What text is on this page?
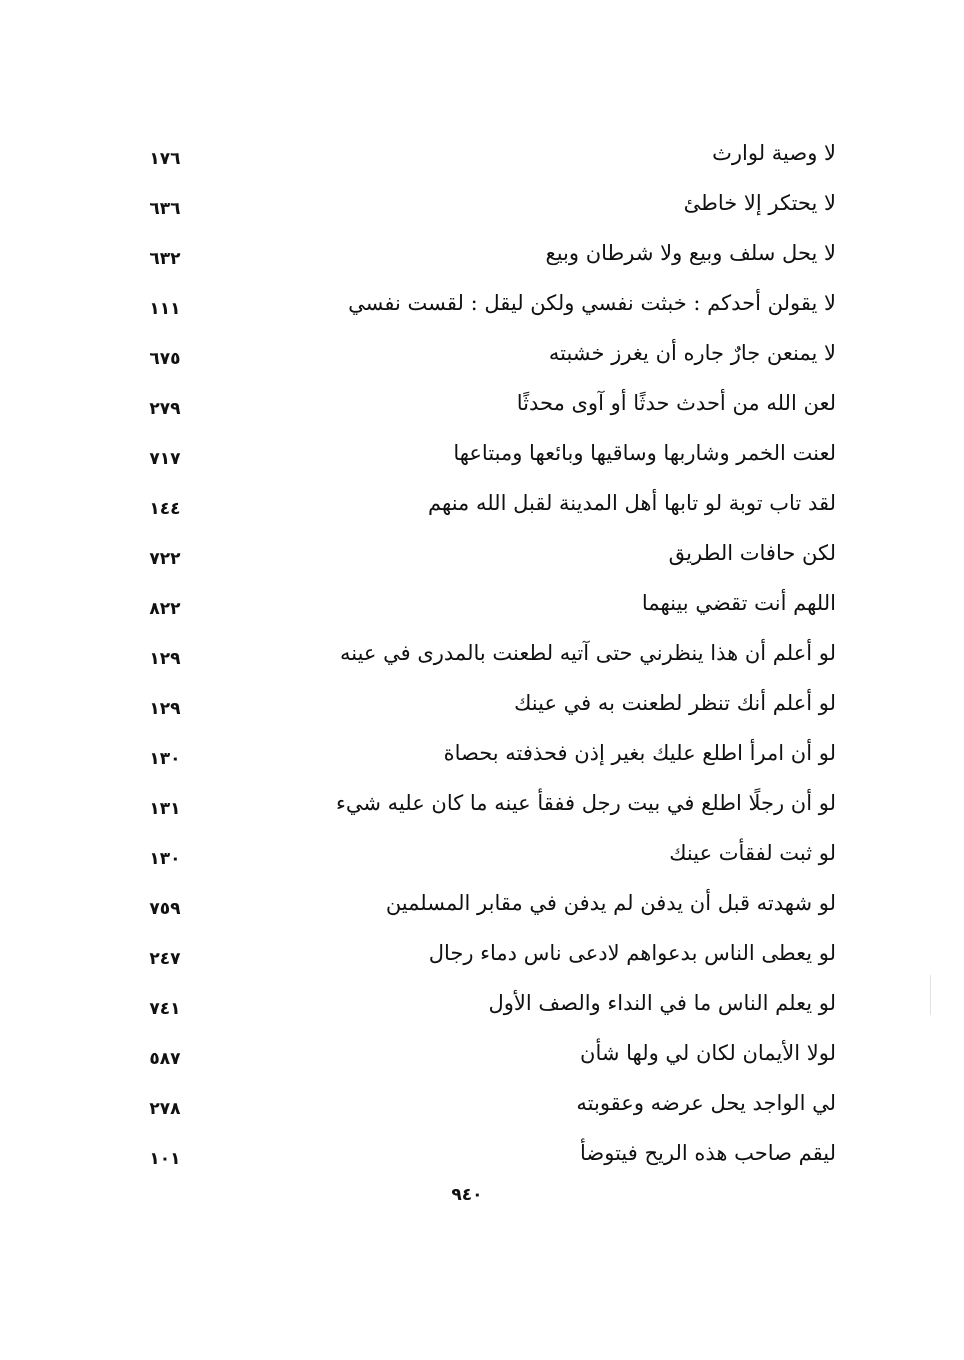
لا وصية لوارث
١٧٦
لا يحتكر إلا خاطئ
٦٣٦
لا يحل سلف وبيع ولا شرطان وبيع
٦٣٢
لا يقولن أحدكم : خبثت نفسي ولكن ليقل : لقست نفسي
١١١
لا يمنعن جارٌ جاره أن يغرز خشبته
٦٧٥
لعن الله من أحدث حدثًا أو آوى محدثًا
٢٧٩
لعنت الخمر وشاربها وساقيها وبائعها ومبتاعها
٧١٧
لقد تاب توبة لو تابها أهل المدينة لقبل الله منهم
١٤٤
لكن حافات الطريق
٧٢٢
اللهم أنت تقضي بينهما
٨٢٢
لو أعلم أن هذا ينظرني حتى آتيه لطعنت بالمدرى في عينه
١٢٩
لو أعلم أنك تنظر لطعنت به في عينك
١٢٩
لو أن امرأ اطلع عليك بغير إذن فحذفته بحصاة
١٣٠
لو أن رجلًا اطلع في بيت رجل ففقأ عينه ما كان عليه شيء
١٣١
لو ثبت لفقأت عينك
١٣٠
لو شهدته قبل أن يدفن لم يدفن في مقابر المسلمين
٧٥٩
لو يعطى الناس بدعواهم لادعى ناس دماء رجال
٢٤٧
لو يعلم الناس ما في النداء والصف الأول
٧٤١
لولا الأيمان لكان لي ولها شأن
٥٨٧
لي الواجد يحل عرضه وعقوبته
٢٧٨
ليقم صاحب هذه الريح فيتوضأ
١٠١
٩٤٠
